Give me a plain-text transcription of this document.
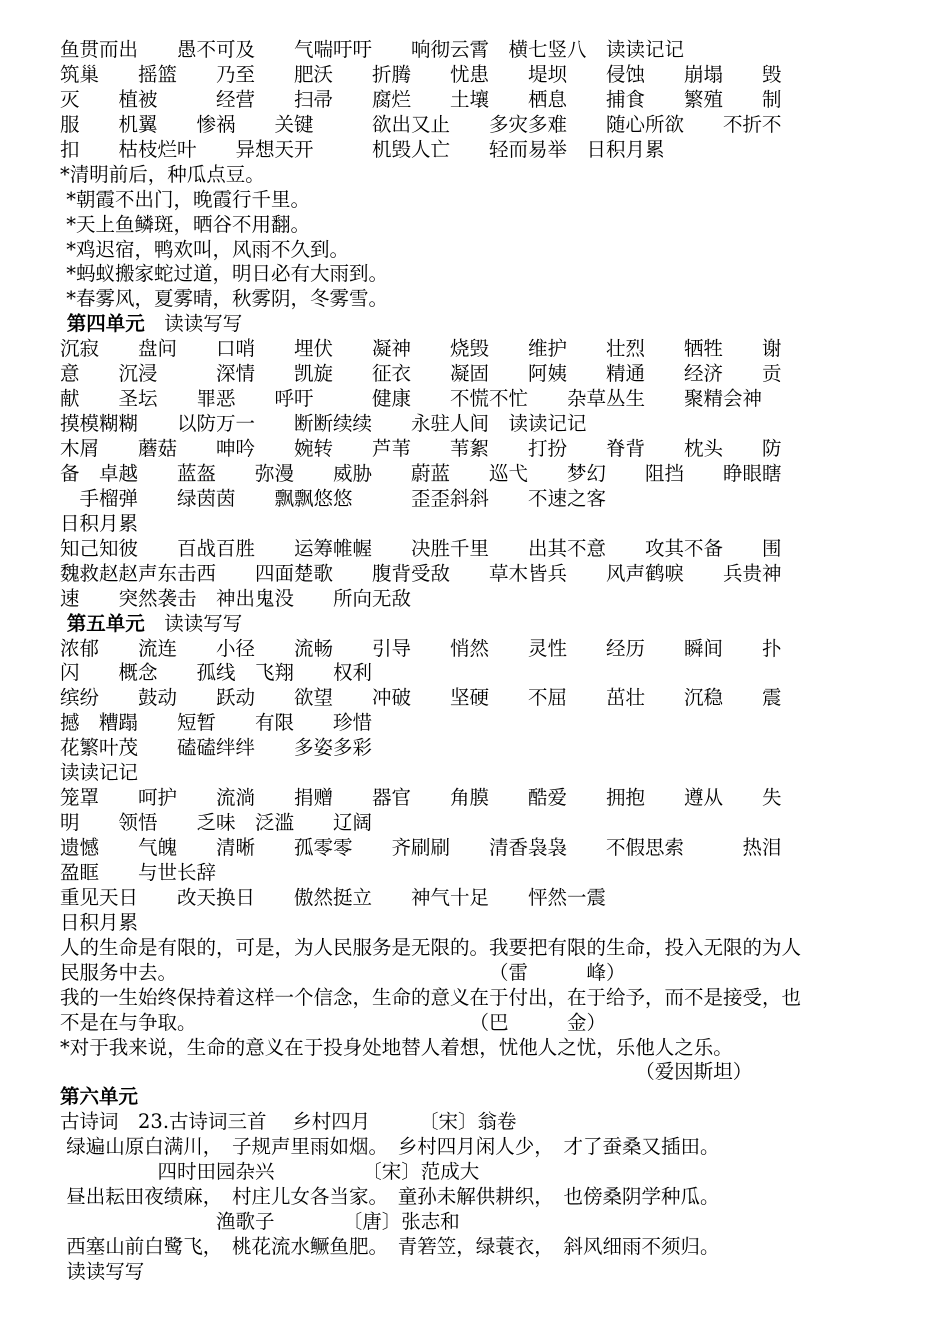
鱼贯而出　　愚不可及　　气喘吁吁　　响彻云霄　横七竖八　读读记记
筑巢　　摇篮　　乃至　　肥沃　　折腾　　忧患　　堤坝　　侵蚀　　崩塌　　毁
灭　　植被　　　经营　　扫帚　　腐烂　　土壤　　栖息　　捕食　　繁殖　　制
服　　机翼　　惨祸　　关键　　　欲出又止　　多灾多难　　随心所欲　　不折不
扣　　枯枝烂叶　　异想天开　　　机毁人亡　　轻而易举　日积月累
*清明前后，种瓜点豆。
*朝霞不出门，晚霞行千里。
*天上鱼鳞斑，晒谷不用翻。
*鸡迟宿，鸭欢叫，风雨不久到。
*蚂蚁搬家蛇过道，明日必有大雨到。
*春雾风，夏雾晴，秋雾阴，冬雾雪。
第四单元　读读写写
沉寂　　盘问　　口哨　　埋伏　　凝神　　烧毁　　维护　　壮烈　　牺牲　　谢
意　　沉浸　　　深情　　凯旋　　征衣　　凝固　　阿姨　　精通　　经济　　贡
献　　圣坛　　罪恶　　呼吁　　　健康　　不慌不忙　　杂草丛生　　聚精会神
摸模糊糊　　以防万一　　断断续续　　永驻人间　读读记记
木屑　　蘑菇　　呻吟　　婉转　　芦苇　　苇絮　　打扮　　脊背　　枕头　　防
备　卓越　　蓝盔　　弥漫　　威胁　　蔚蓝　　巡弋　　梦幻　　阻挡　　睁眼瞎
　手榴弹　　绿茵茵　　飘飘悠悠　　　歪歪斜斜　　不速之客
日积月累
知己知彼　　百战百胜　　运筹帷幄　　决胜千里　　出其不意　　攻其不备　　围
魏救赵赵声东击西　　四面楚歌　　腹背受敌　　草木皆兵　　风声鹤唳　　兵贵神
速　　突然袭击　神出鬼没　　所向无敌
第五单元　读读写写
浓郁　　流连　　小径　　流畅　　引导　　悄然　　灵性　　经历　　瞬间　　扑
闪　　概念　　孤线　飞翔　　权利
缤纷　　鼓动　　跃动　　欲望　　冲破　　坚硬　　不屈　　茁壮　　沉稳　　震
撼　糟蹋　　短暂　　有限　　珍惜
花繁叶茂　　磕磕绊绊　　多姿多彩
读读记记
笼罩　　呵护　　流淌　　捐赠　　器官　　角膜　　酷爱　　拥抱　　遵从　　失
明　　领悟　　乏味　泛滥　　辽阔
遗憾　　气魄　　清晰　　孤零零　　齐刷刷　　清香袅袅　　不假思索　　　热泪
盈眶　　与世长辞
重见天日　　改天换日　　傲然挺立　　神气十足　　怦然一震
日积月累
人的生命是有限的，可是，为人民服务是无限的。我要把有限的生命，投入无限的为人
民服务中去。　　　　　　　　　　　　　　　　　（雷　　　峰）
我的一生始终保持着这样一个信念，生命的意义在于付出，在于给予，而不是接受，也
不是在与争取。　　　　　　　　　　　　　　　（巴　　　金）
*对于我来说，生命的意义在于投身处地替人着想，忧他人之忧，乐他人之乐。
　　　　　　　　　　　　　　　　　　　　　　　　　　　　　　（爱因斯坦）
第六单元
古诗词　23.古诗词三首　 乡村四月　　　〔宋〕翁卷
绿遍山原白满川，　子规声里雨如烟。　乡村四月闲人少，　才了蚕桑又插田。
　　　　　四时田园杂兴　　　　　〔宋〕范成大
昼出耘田夜绩麻，　村庄儿女各当家。　童孙未解供耕织，　也傍桑阴学种瓜。
　　　　　　　　渔歌子　　　　〔唐〕张志和
西塞山前白鹭飞，　桃花流水鳜鱼肥。　青箬笠，绿蓑衣，　斜风细雨不须归。
读读写写
